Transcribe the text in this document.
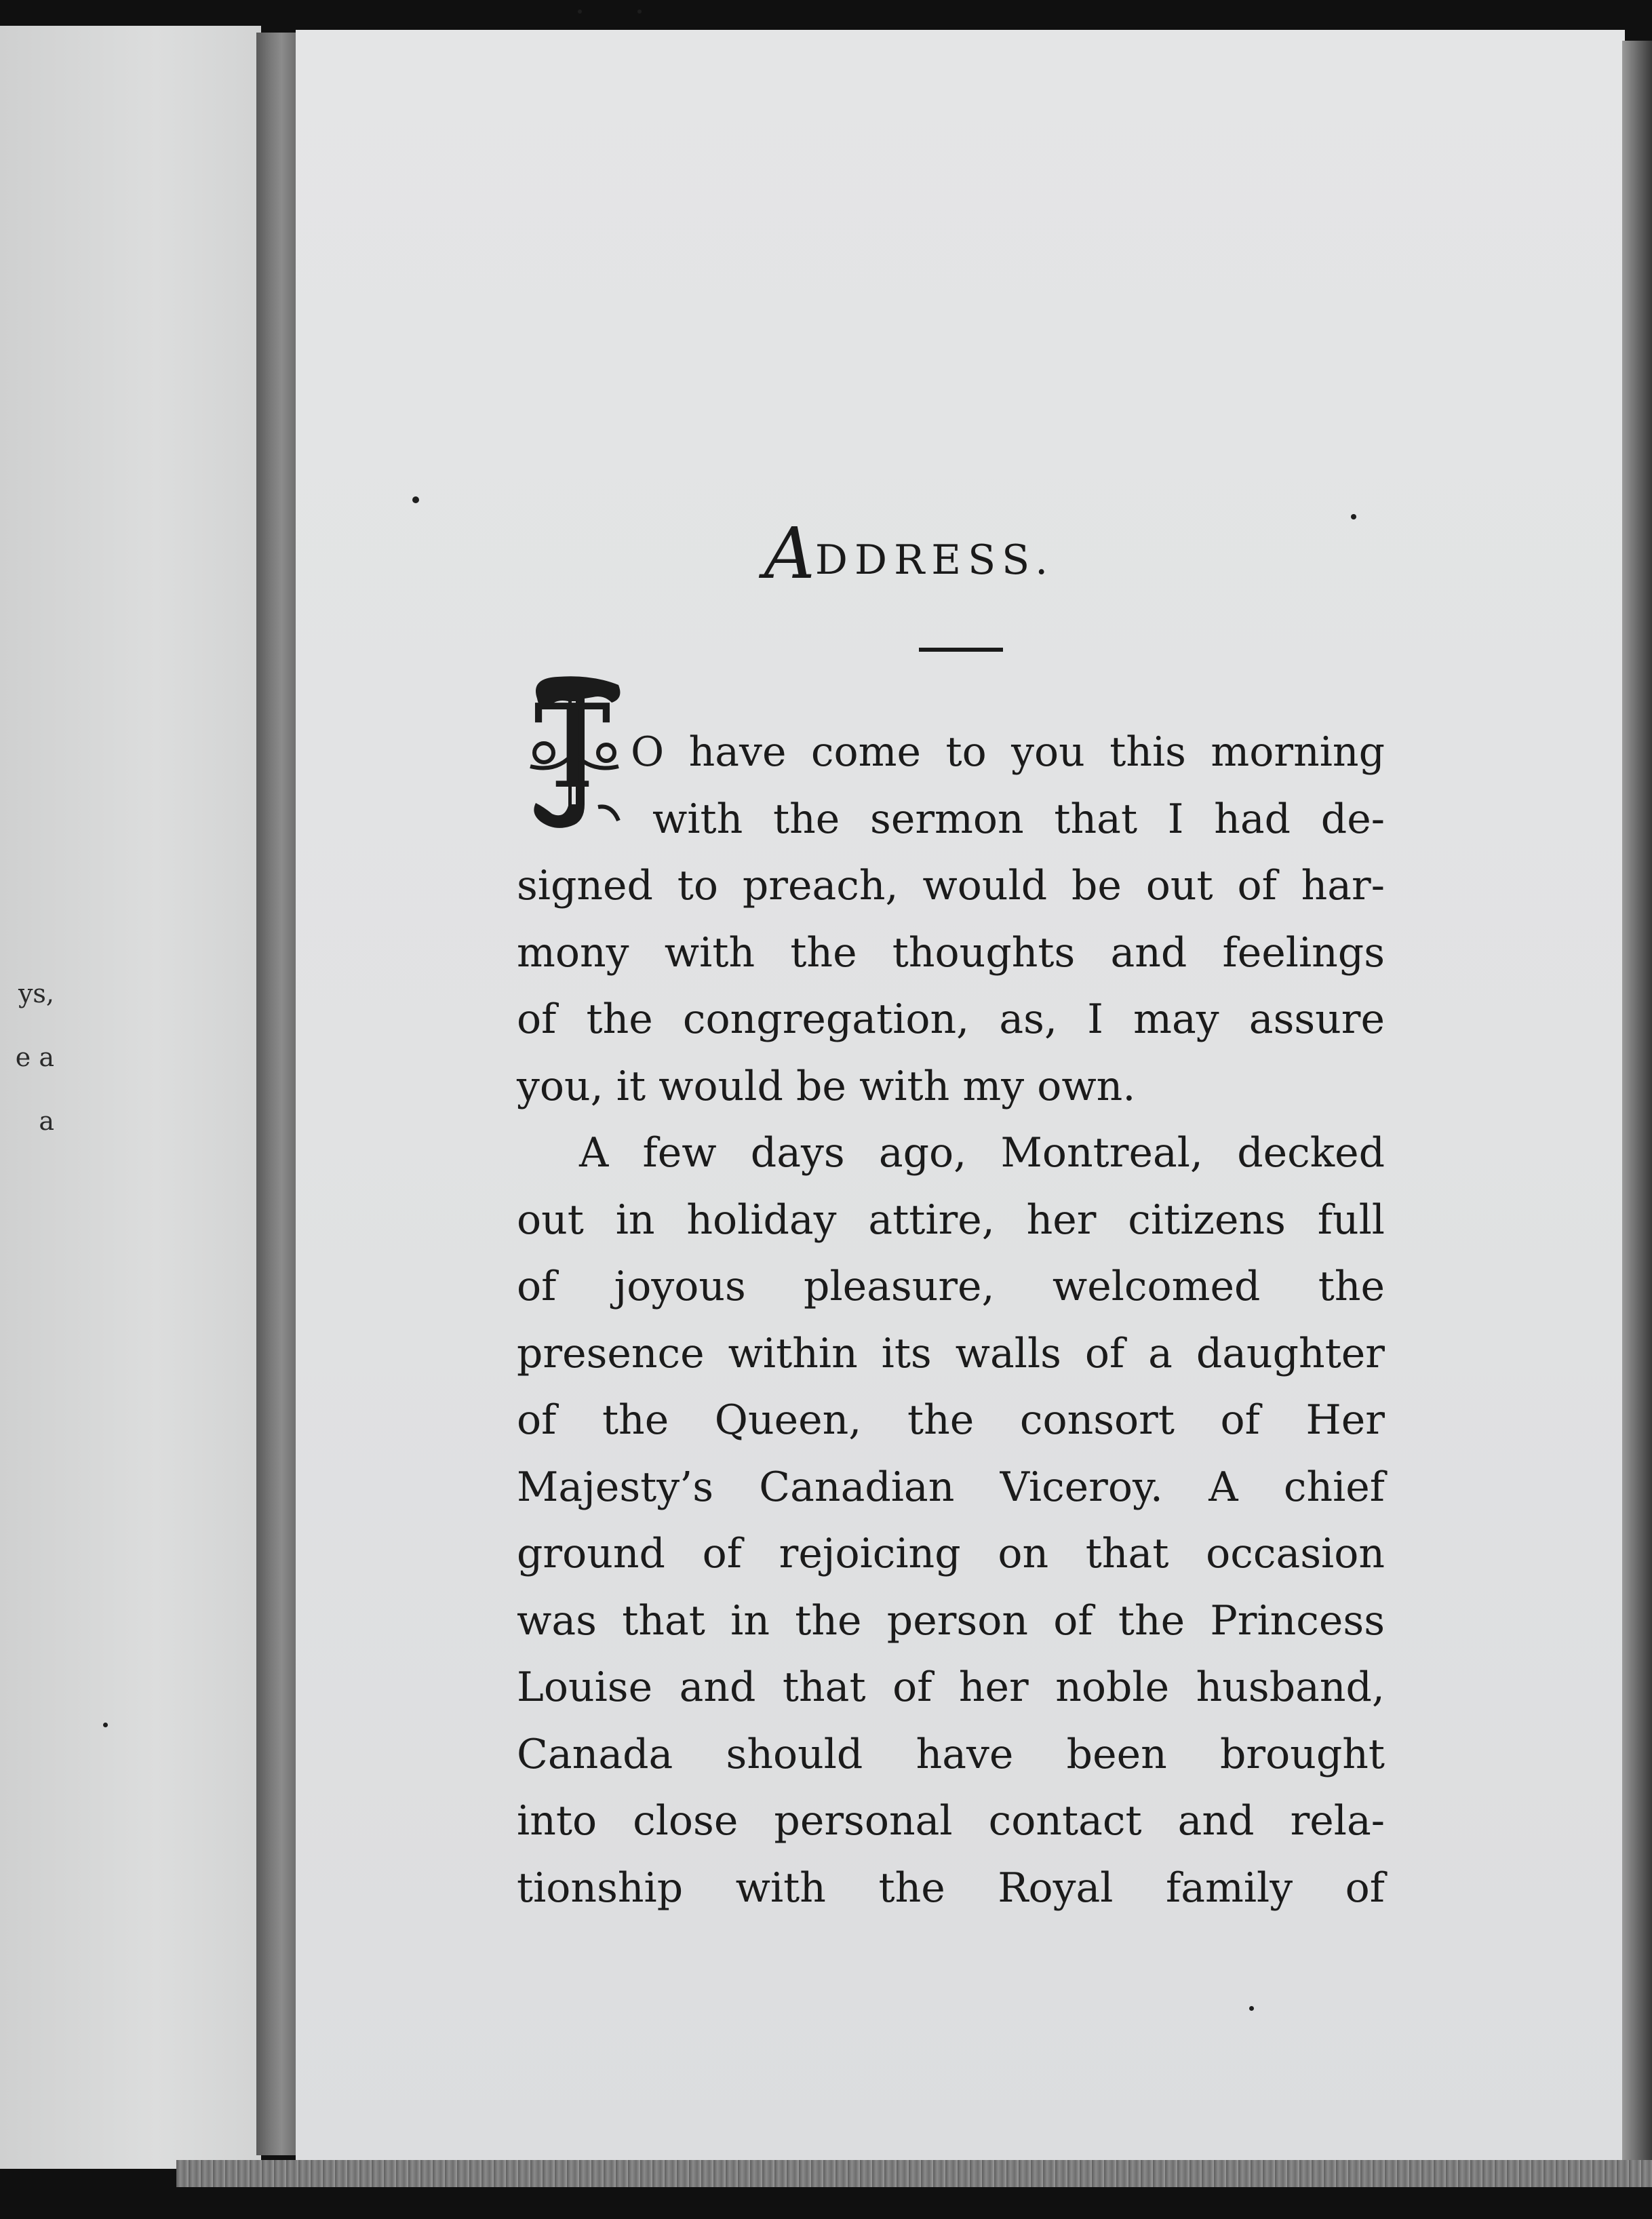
ys,
e a
a
ADDRESS.
T O have come to you this morning
with the sermon that I had de-
signed to preach, would be out of har-
mony with the thoughts and feelings
of the congregation, as, I may assure
you, it would be with my own.
A few days ago, Montreal, decked
out in holiday attire, her citizens full
of joyous pleasure, welcomed the
presence within its walls of a daughter
of the Queen, the consort of Her
Majesty’s Canadian Viceroy. A chief
ground of rejoicing on that occasion
was that in the person of the Princess
Louise and that of her noble husband,
Canada should have been brought
into close personal contact and rela-
tionship with the Royal family of
